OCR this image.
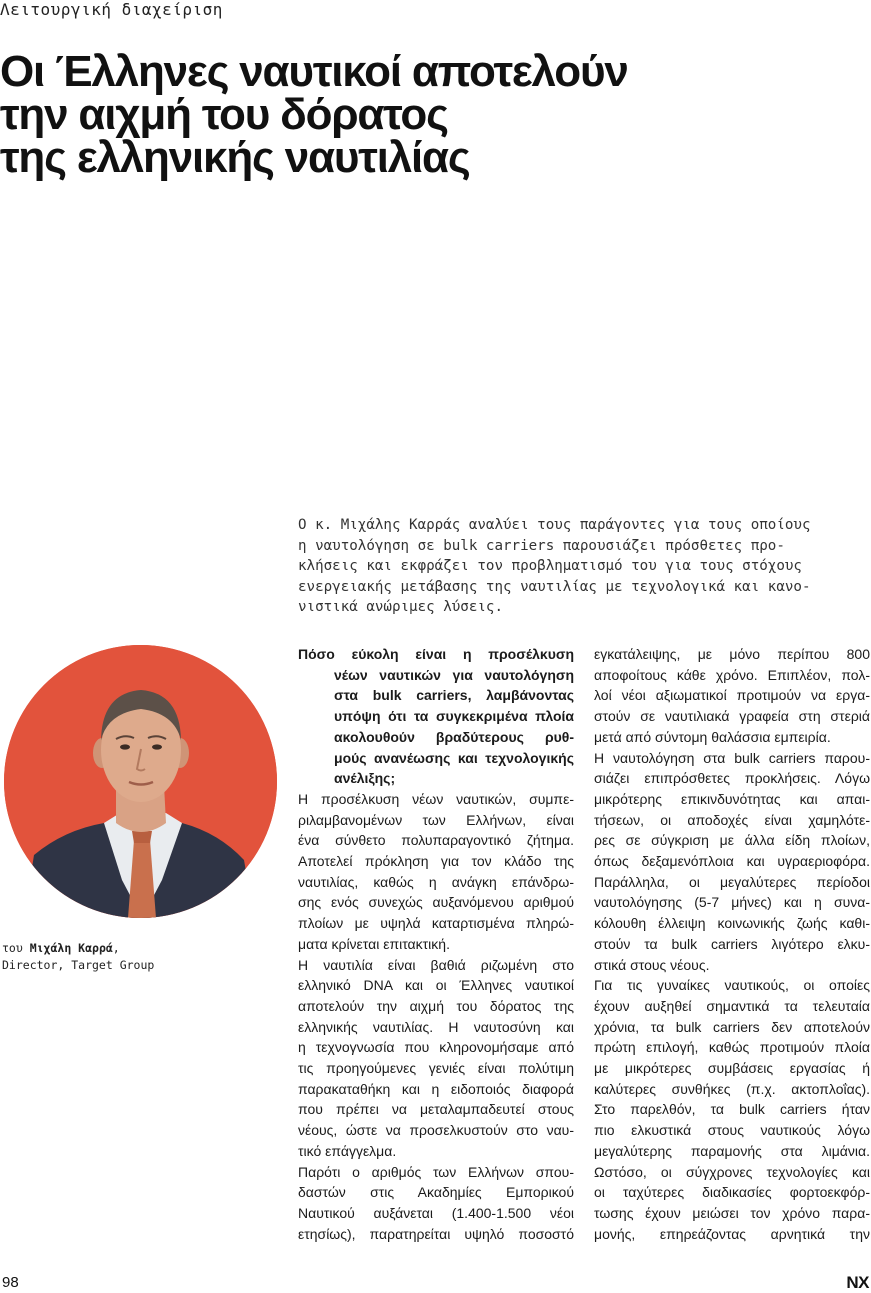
Λειτουργική διαχείριση
Οι Έλληνες ναυτικοί αποτελούν
την αιχμή του δόρατος
της ελληνικής ναυτιλίας

Ο κ. Μιχάλης Καρράς αναλύει τους παράγοντες για τους οποίους
η ναυτολόγηση σε bulk carriers παρουσιάζει πρόσθετες προ-
κλήσεις και εκφράζει τον προβληματισμό του για τους στόχους
ενεργειακής μετάβασης της ναυτιλίας με τεχνολογικά και κανο-
νιστικά ανώριμες λύσεις.

του Μιχάλη Καρρά,
Director, Target Group
Πόσο εύκολη είναι η προσέλκυση
νέων ναυτικών για ναυτολόγηση
στα bulk carriers, λαμβάνοντας
υπόψη ότι τα συγκεκριμένα πλοία
ακολουθούν βραδύτερους ρυθ-
μούς ανανέωσης και τεχνολογικής
ανέλιξης;
Η προσέλκυση νέων ναυτικών, συμπε-
ριλαμβανομένων των Ελλήνων, είναι
ένα σύνθετο πολυπαραγοντικό ζήτημα.
Αποτελεί πρόκληση για τον κλάδο της
ναυτιλίας, καθώς η ανάγκη επάνδρω-
σης ενός συνεχώς αυξανόμενου αριθμού
πλοίων με υψηλά καταρτισμένα πληρώ-
ματα κρίνεται επιτακτική.
Η ναυτιλία είναι βαθιά ριζωμένη στο
ελληνικό DNA και οι Έλληνες ναυτικοί
αποτελούν την αιχμή του δόρατος της
ελληνικής ναυτιλίας. Η ναυτοσύνη και
η τεχνογνωσία που κληρονομήσαμε από
τις προηγούμενες γενιές είναι πολύτιμη
παρακαταθήκη και η ειδοποιός διαφορά
που πρέπει να μεταλαμπαδευτεί στους
νέους, ώστε να προσελκυστούν στο ναυ-
τικό επάγγελμα.
Παρότι ο αριθμός των Ελλήνων σπου-
δαστών στις Ακαδημίες Εμπορικού
Ναυτικού αυξάνεται (1.400-1.500 νέοι
ετησίως), παρατηρείται υψηλό ποσοστό
εγκατάλειψης, με μόνο περίπου 800
αποφοίτους κάθε χρόνο. Επιπλέον, πολ-
λοί νέοι αξιωματικοί προτιμούν να εργα-
στούν σε ναυτιλιακά γραφεία στη στεριά
μετά από σύντομη θαλάσσια εμπειρία.
Η ναυτολόγηση στα bulk carriers παρου-
σιάζει επιπρόσθετες προκλήσεις. Λόγω
μικρότερης επικινδυνότητας και απαι-
τήσεων, οι αποδοχές είναι χαμηλότε-
ρες σε σύγκριση με άλλα είδη πλοίων,
όπως δεξαμενόπλοια και υγραεριοφόρα.
Παράλληλα, οι μεγαλύτερες περίοδοι
ναυτολόγησης (5-7 μήνες) και η συνα-
κόλουθη έλλειψη κοινωνικής ζωής καθι-
στούν τα bulk carriers λιγότερο ελκυ-
στικά στους νέους.
Για τις γυναίκες ναυτικούς, οι οποίες
έχουν αυξηθεί σημαντικά τα τελευταία
χρόνια, τα bulk carriers δεν αποτελούν
πρώτη επιλογή, καθώς προτιμούν πλοία
με μικρότερες συμβάσεις εργασίας ή
καλύτερες συνθήκες (π.χ. ακτοπλοΐας).
Στο παρελθόν, τα bulk carriers ήταν
πιο ελκυστικά στους ναυτικούς λόγω
μεγαλύτερης παραμονής στα λιμάνια.
Ωστόσο, οι σύγχρονες τεχνολογίες και
οι ταχύτερες διαδικασίες φορτοεκφόρ-
τωσης έχουν μειώσει τον χρόνο παρα-
μονής, επηρεάζοντας αρνητικά την
98	NX
